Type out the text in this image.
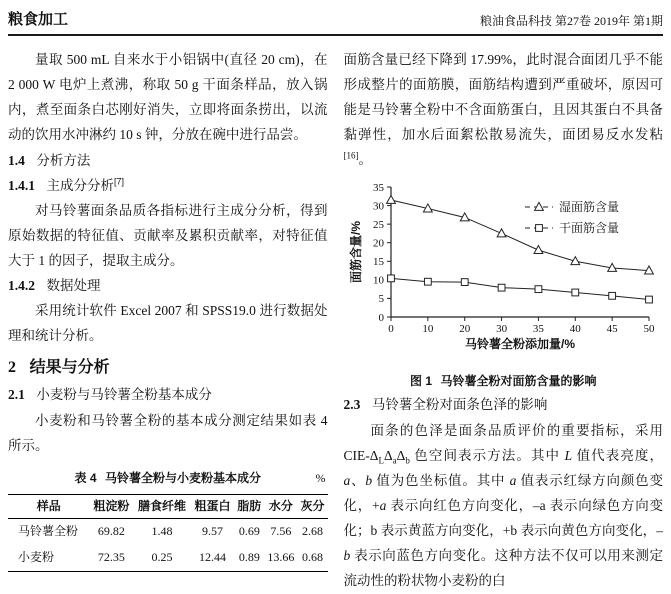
粮食加工	粮油食品科技 第27卷 2019年 第1期

量取 500 mL 自来水于小铝锅中(直径 20 cm)，在 2 000 W 电炉上煮沸，称取 50 g 干面条样品，放入锅内，煮至面条白芯刚好消失，立即将面条捞出，以流动的饮用水冲淋约 10 s 钟，分放在碗中进行品尝。

1.4 分析方法
1.4.1 主成分分析[7]

对马铃薯面条品质各指标进行主成分分析，得到原始数据的特征值、贡献率及累积贡献率，对特征值大于 1 的因子，提取主成分。

1.4.2 数据处理

采用统计软件 Excel 2007 和 SPSS19.0 进行数据处理和统计分析。

2 结果与分析
2.1 小麦粉与马铃薯全粉基本成分

小麦粉和马铃薯全粉的基本成分测定结果如表 4 所示。

表 4 马铃薯全粉与小麦粉基本成分	%
样品	粗淀粉	膳食纤维	粗蛋白	脂肪	水分	灰分
马铃薯全粉	69.82	1.48	9.57	0.69	7.56	2.68
小麦粉	72.35	0.25	12.44	0.89	13.66	0.68

面筋含量已经下降到 17.99%，此时混合面团几乎不能形成整片的面筋膜，面筋结构遭到严重破坏，原因可能是马铃薯全粉中不含面筋蛋白，且因其蛋白不具备黏弹性，加水后面絮松散易流失，面团易反水发粘[16]。

0
5
10
15
20
25
30
35
0	10 20 30 35 40 45 50
面筋含量/%
马铃薯全粉添加量/%
湿面筋含量
干面筋含量
图 1 马铃薯全粉对面筋含量的影响
2.3 马铃薯全粉对面条色泽的影响

面条的色泽是面条品质评价的重要指标，采用 CIE-$\Delta_L\Delta_a\Delta_b$ 色空间表示方法。其中 L 值代表亮度，a、b 值为色坐标值。其中 a 值表示红绿方向颜色变化，+a 表示向红色方向变化，–a 表示向绿色方向变化；b 表示黄蓝方向变化，+b 表示向黄色方向变化，–b 表示向蓝色方向变化。这种方法不仅可以用来测定流动性的粉状物小麦粉的白
